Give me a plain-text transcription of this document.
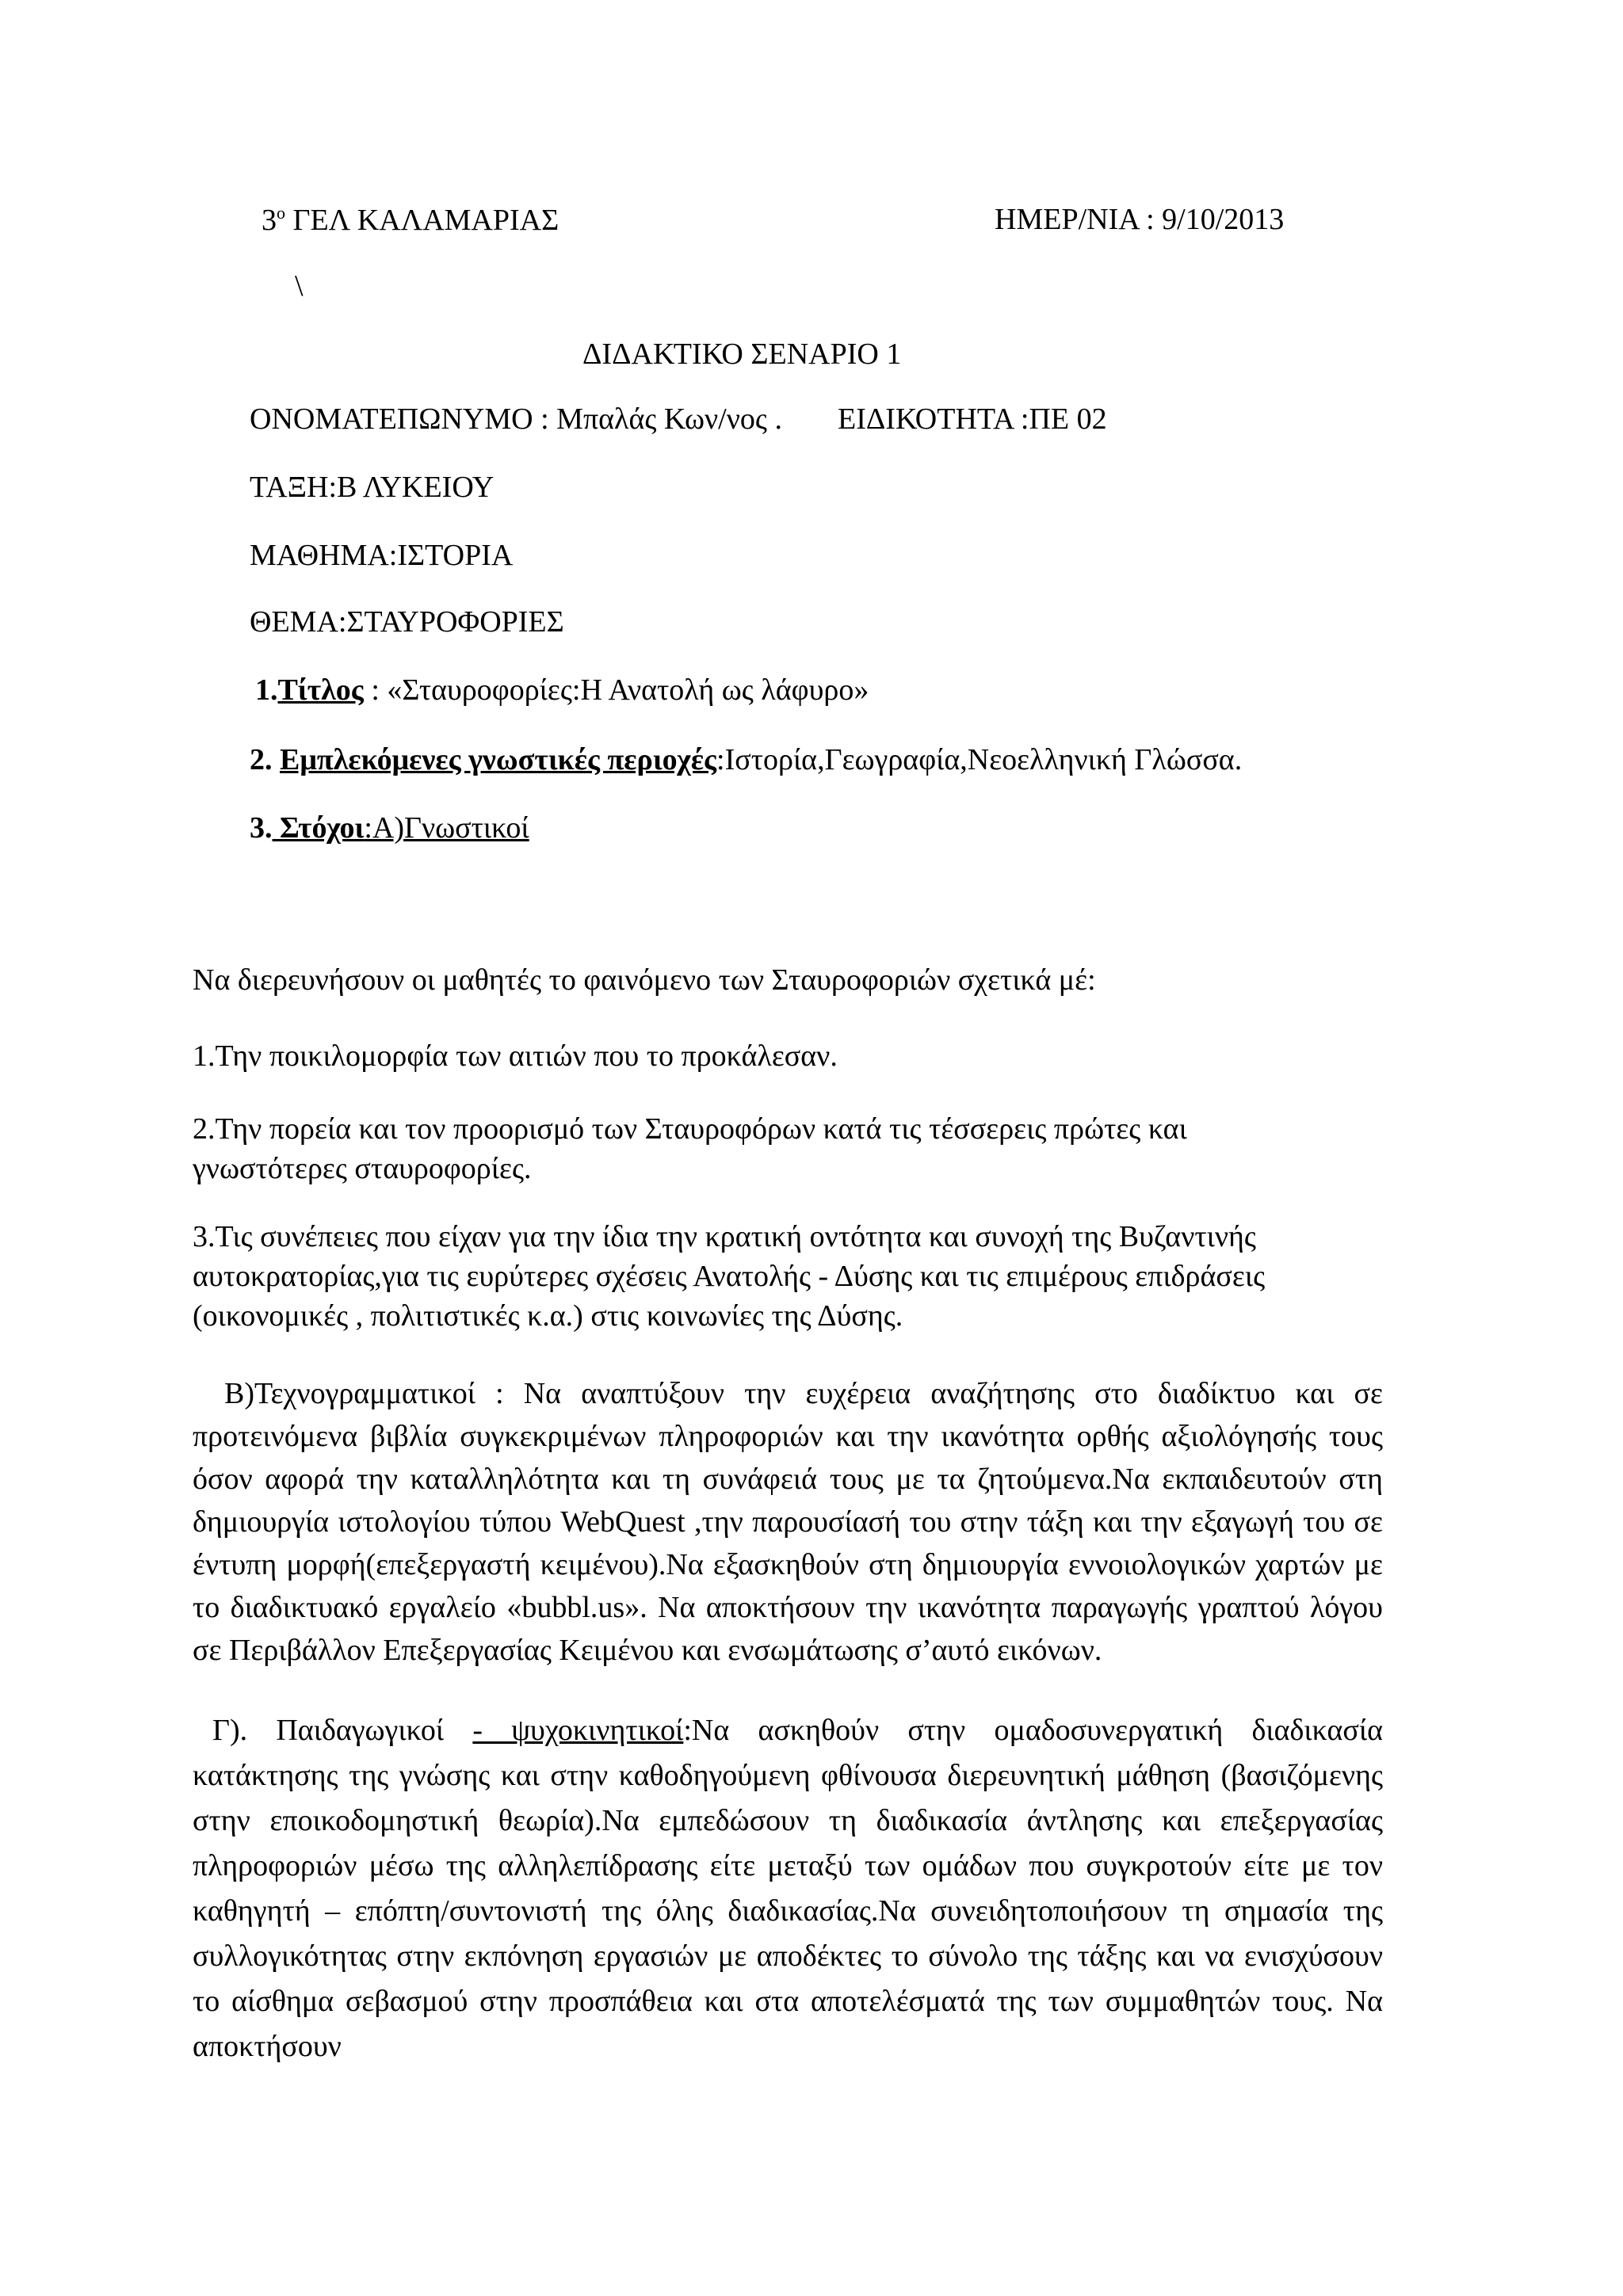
$3^o$ ΓΕΛ ΚΑΛΑΜΑΡΙΑΣ	ΗΜΕΡ/ΝΙΑ : 9/10/2013
\
ΔΙΔΑΚΤΙΚΟ ΣΕΝΑΡΙΟ 1
ΟΝΟΜΑΤΕΠΩΝΥΜΟ : Μπαλάς Κων/νος . ΕΙΔΙΚΟΤΗΤΑ :ΠΕ 02
ΤΑΞΗ:Β ΛΥΚΕΙΟΥ
ΜΑΘΗΜΑ:ΙΣΤΟΡΙΑ
ΘΕΜΑ:ΣΤΑΥΡΟΦΟΡΙΕΣ
1.Τίτλος : «Σταυροφορίες:Η Ανατολή ως λάφυρο»
2. Εμπλεκόμενες γνωστικές περιοχές:Ιστορία,Γεωγραφία,Νεοελληνική Γλώσσα.
3. Στόχοι:Α)Γνωστικοί
Να διερευνήσουν οι μαθητές το φαινόμενο των Σταυροφοριών σχετικά μέ:
1.Την ποικιλομορφία των αιτιών που το προκάλεσαν.
2.Την πορεία και τον προορισμό των Σταυροφόρων κατά τις τέσσερεις πρώτες και γνωστότερες σταυροφορίες.
3.Τις συνέπειες που είχαν για την ίδια την κρατική οντότητα και συνοχή της Βυζαντινής αυτοκρατορίας,για τις ευρύτερες σχέσεις Ανατολής - Δύσης και τις επιμέρους επιδράσεις (οικονομικές , πολιτιστικές κ.α.) στις κοινωνίες της Δύσης.
Β)Τεχνογραμματικοί : Να αναπτύξουν την ευχέρεια αναζήτησης στο διαδίκτυο και σε προτεινόμενα βιβλία συγκεκριμένων πληροφοριών και την ικανότητα ορθής αξιολόγησής τους όσον αφορά την καταλληλότητα και τη συνάφειά τους με τα ζητούμενα.Να εκπαιδευτούν στη δημιουργία ιστολογίου τύπου WebQuest ,την παρουσίασή του στην τάξη και την εξαγωγή του σε έντυπη μορφή(επεξεργαστή κειμένου).Να εξασκηθούν στη δημιουργία εννοιολογικών χαρτών με το διαδικτυακό εργαλείο «bubbl.us». Να αποκτήσουν την ικανότητα παραγωγής γραπτού λόγου σε Περιβάλλον Επεξεργασίας Κειμένου και ενσωμάτωσης σ’αυτό εικόνων.
Γ). Παιδαγωγικοί - ψυχοκινητικοί:Να ασκηθούν στην ομαδοσυνεργατική διαδικασία κατάκτησης της γνώσης και στην καθοδηγούμενη φθίνουσα διερευνητική μάθηση (βασιζόμενης στην εποικοδομηστική θεωρία).Να εμπεδώσουν τη διαδικασία άντλησης και επεξεργασίας πληροφοριών μέσω της αλληλεπίδρασης είτε μεταξύ των ομάδων που συγκροτούν είτε με τον καθηγητή – επόπτη/συντονιστή της όλης διαδικασίας.Να συνειδητοποιήσουν τη σημασία της συλλογικότητας στην εκπόνηση εργασιών με αποδέκτες το σύνολο της τάξης και να ενισχύσουν το αίσθημα σεβασμού στην προσπάθεια και στα αποτελέσματά της των συμμαθητών τους. Να αποκτήσουν
